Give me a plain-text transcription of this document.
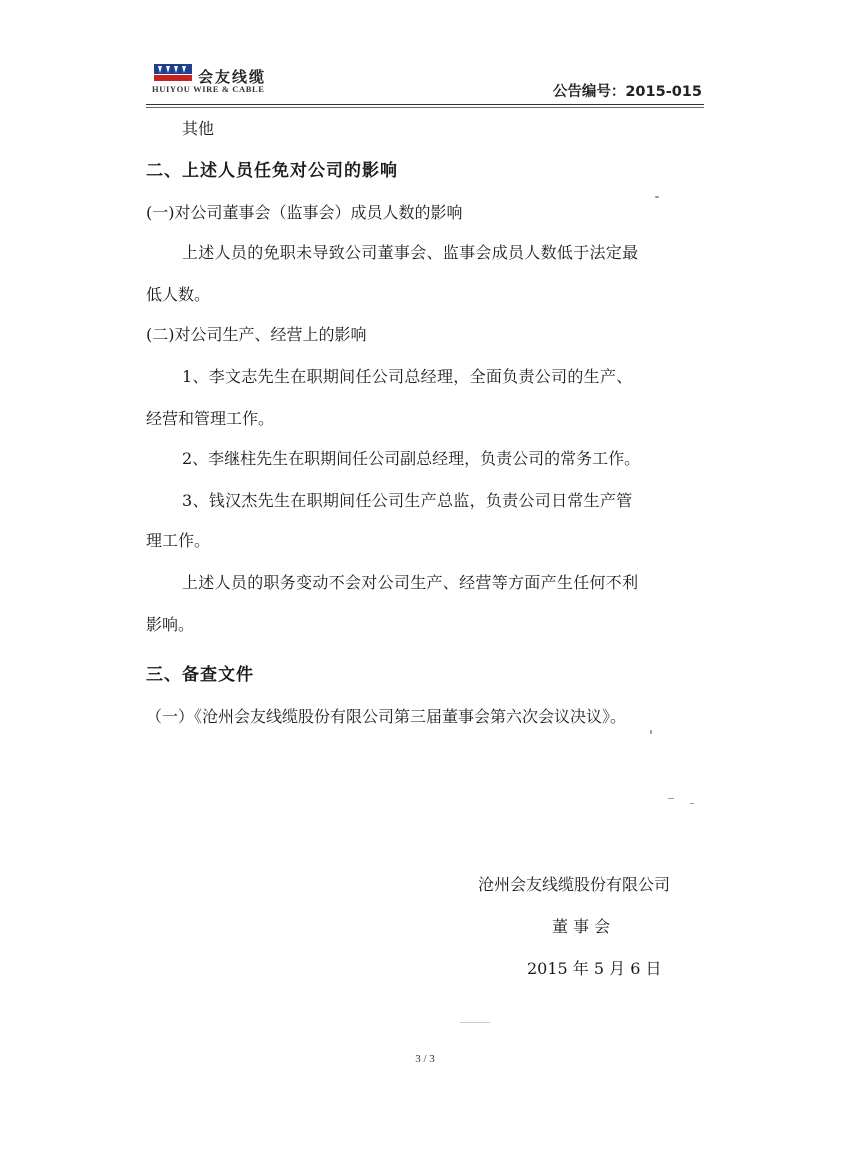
会友线缆
HUIYOU WIRE & CABLE	公告编号：2015-015
其他
二、上述人员任免对公司的影响
(一)对公司董事会（监事会）成员人数的影响
上述人员的免职未导致公司董事会、监事会成员人数低于法定最
低人数。
(二)对公司生产、经营上的影响
1、李文志先生在职期间任公司总经理，全面负责公司的生产、
经营和管理工作。
2、李继柱先生在职期间任公司副总经理，负责公司的常务工作。
3、钱汉杰先生在职期间任公司生产总监，负责公司日常生产管
理工作。
上述人员的职务变动不会对公司生产、经营等方面产生任何不利
影响。
三、备查文件
（一）《沧州会友线缆股份有限公司第三届董事会第六次会议决议》。
沧州会友线缆股份有限公司
董 事 会
2015 年 5 月 6 日
3 / 3
